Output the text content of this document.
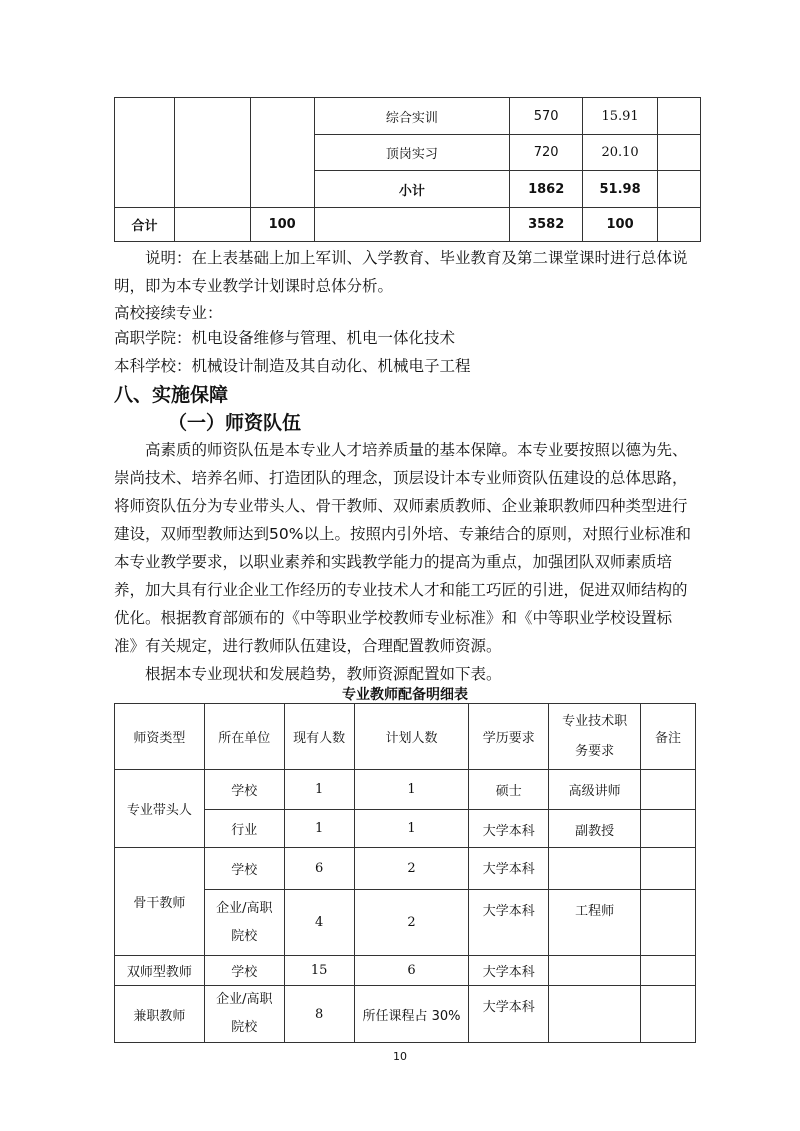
			综合实训	570	15.91	
			顶岗实习	720	20.10	
			小计	1862	51.98	
合计		100		3582	100	

说明：在上表基础上加上军训、入学教育、毕业教育及第二课堂课时进行总体说明，即为本专业教学计划课时总体分析。

高校接续专业：
高职学院：机电设备维修与管理、机电一体化技术
本科学校：机械设计制造及其自动化、机械电子工程
八、实施保障
（一）师资队伍

高素质的师资队伍是本专业人才培养质量的基本保障。本专业要按照以德为先、崇尚技术、培养名师、打造团队的理念，顶层设计本专业师资队伍建设的总体思路，将师资队伍分为专业带头人、骨干教师、双师素质教师、企业兼职教师四种类型进行建设，双师型教师达到50%以上。按照内引外培、专兼结合的原则，对照行业标准和本专业教学要求，以职业素养和实践教学能力的提高为重点，加强团队双师素质培养，加大具有行业企业工作经历的专业技术人才和能工巧匠的引进，促进双师结构的优化。根据教育部颁布的《中等职业学校教师专业标准》和《中等职业学校设置标准》有关规定，进行教师队伍建设，合理配置教师资源。

根据本专业现状和发展趋势，教师资源配置如下表。
专业教师配备明细表
师资类型	所在单位	现有人数	计划人数	学历要求	专业技术职
务要求	备注
专业带头人	学校	1	1	硕士	高级讲师	
	行业	1	1	大学本科	副教授	
骨干教师	学校	6	2	大学本科		

	企业/高职
院校	4	2	大学本科	工程师	
双师型教师	学校	15	6	大学本科		
兼职教师	企业/高职
院校	8	所任课程占 30%	大学本科		
10
